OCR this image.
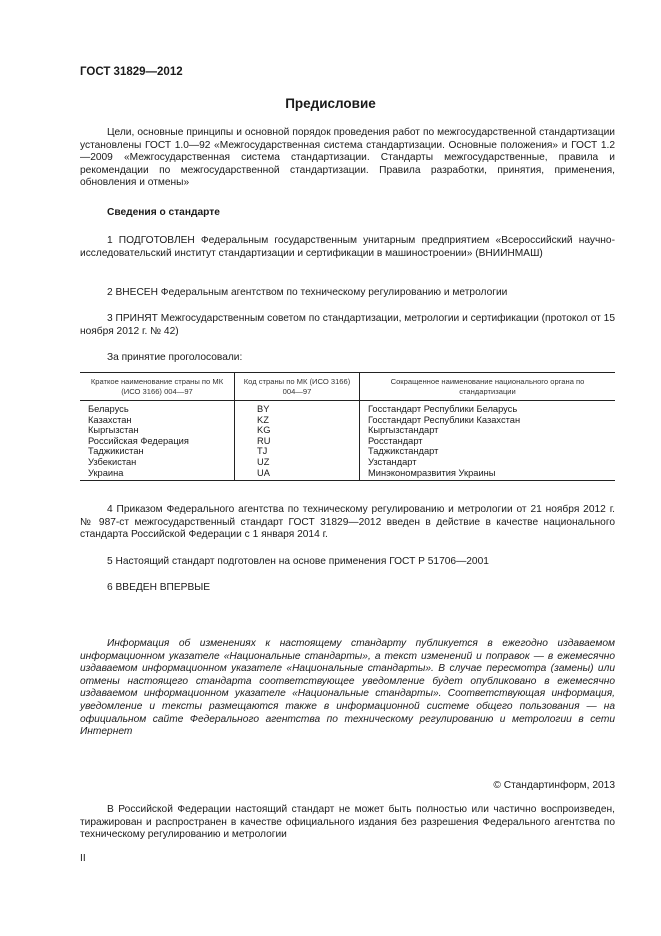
ГОСТ 31829—2012
Предисловие
Цели, основные принципы и основной порядок проведения работ по межгосударственной стандартизации установлены ГОСТ 1.0—92 «Межгосударственная система стандартизации. Основные положения» и ГОСТ 1.2—2009 «Межгосударственная система стандартизации. Стандарты межгосударственные, правила и рекомендации по межгосударственной стандартизации. Правила разработки, принятия, применения, обновления и отмены»
Сведения о стандарте
1 ПОДГОТОВЛЕН Федеральным государственным унитарным предприятием «Всероссийский научно-исследовательский институт стандартизации и сертификации в машиностроении» (ВНИИНМАШ)
2 ВНЕСЕН Федеральным агентством по техническому регулированию и метрологии
3 ПРИНЯТ Межгосударственным советом по стандартизации, метрологии и сертификации (протокол от 15 ноября 2012 г. № 42)
За принятие проголосовали:
Краткое наименование страны по МК (ИСО 3166) 004—97	Код страны по МК (ИСО 3166) 004—97	Сокращенное наименование национального органа по стандартизации
Беларусь	BY	Госстандарт Республики Беларусь
Казахстан	KZ	Госстандарт Республики Казахстан
Кыргызстан	KG	Кыргызстандарт
Российская Федерация	RU	Росстандарт
Таджикистан	TJ	Таджикстандарт
Узбекистан	UZ	Узстандарт
Украина	UA	Минэкономразвития Украины
4 Приказом Федерального агентства по техническому регулированию и метрологии от 21 ноября 2012 г. № 987-ст межгосударственный стандарт ГОСТ 31829—2012 введен в действие в качестве национального стандарта Российской Федерации с 1 января 2014 г.
5 Настоящий стандарт подготовлен на основе применения ГОСТ Р 51706—2001
6 ВВЕДЕН ВПЕРВЫЕ
Информация об изменениях к настоящему стандарту публикуется в ежегодно издаваемом информационном указателе «Национальные стандарты», а текст изменений и поправок — в ежемесячно издаваемом информационном указателе «Национальные стандарты». В случае пересмотра (замены) или отмены настоящего стандарта соответствующее уведомление будет опубликовано в ежемесячно издаваемом информационном указателе «Национальные стандарты». Соответствующая информация, уведомление и тексты размещаются также в информационной системе общего пользования — на официальном сайте Федерального агентства по техническому регулированию и метрологии в сети Интернет
© Стандартинформ, 2013
В Российской Федерации настоящий стандарт не может быть полностью или частично воспроизведен, тиражирован и распространен в качестве официального издания без разрешения Федерального агентства по техническому регулированию и метрологии
II
